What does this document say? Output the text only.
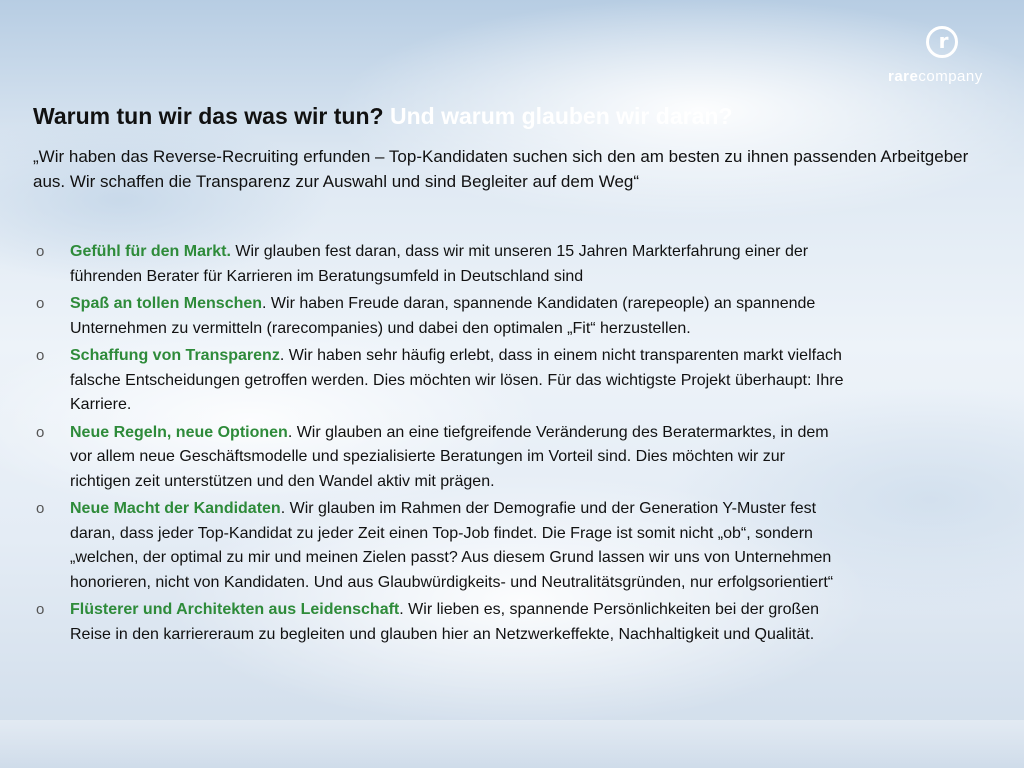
r
rarecompany
Warum tun wir das was wir tun? Und warum glauben wir daran?
„Wir haben das Reverse-Recruiting erfunden – Top-Kandidaten suchen sich den am besten zu ihnen passenden Arbeitgeber aus. Wir schaffen die Transparenz zur Auswahl und sind Begleiter auf dem Weg“
o	Gefühl für den Markt. Wir glauben fest daran, dass wir mit unseren 15 Jahren Markterfahrung einer der führenden Berater für Karrieren im Beratungsumfeld in Deutschland sind
o	Spaß an tollen Menschen. Wir haben Freude daran, spannende Kandidaten (rarepeople) an spannende Unternehmen zu vermitteln (rarecompanies) und dabei den optimalen „Fit“ herzustellen.
o	Schaffung von Transparenz. Wir haben sehr häufig erlebt, dass in einem nicht transparenten markt vielfach falsche Entscheidungen getroffen werden. Dies möchten wir lösen. Für das wichtigste Projekt überhaupt: Ihre Karriere.
o	Neue Regeln, neue Optionen. Wir glauben an eine tiefgreifende Veränderung des Beratermarktes, in dem vor allem neue Geschäftsmodelle und spezialisierte Beratungen im Vorteil sind. Dies möchten wir zur richtigen zeit unterstützen und den Wandel aktiv mit prägen.
o	Neue Macht der Kandidaten. Wir glauben im Rahmen der Demografie und der Generation Y-Muster fest daran, dass jeder Top-Kandidat zu jeder Zeit einen Top-Job findet. Die Frage ist somit nicht „ob“, sondern „welchen, der optimal zu mir und meinen Zielen passt? Aus diesem Grund lassen wir uns von Unternehmen honorieren, nicht von Kandidaten. Und aus Glaubwürdigkeits- und Neutralitätsgründen, nur erfolgsorientiert“
o	Flüsterer und Architekten aus Leidenschaft. Wir lieben es, spannende Persönlichkeiten bei der großen Reise in den karriereraum zu begleiten und glauben hier an Netzwerkeffekte, Nachhaltigkeit und Qualität.
